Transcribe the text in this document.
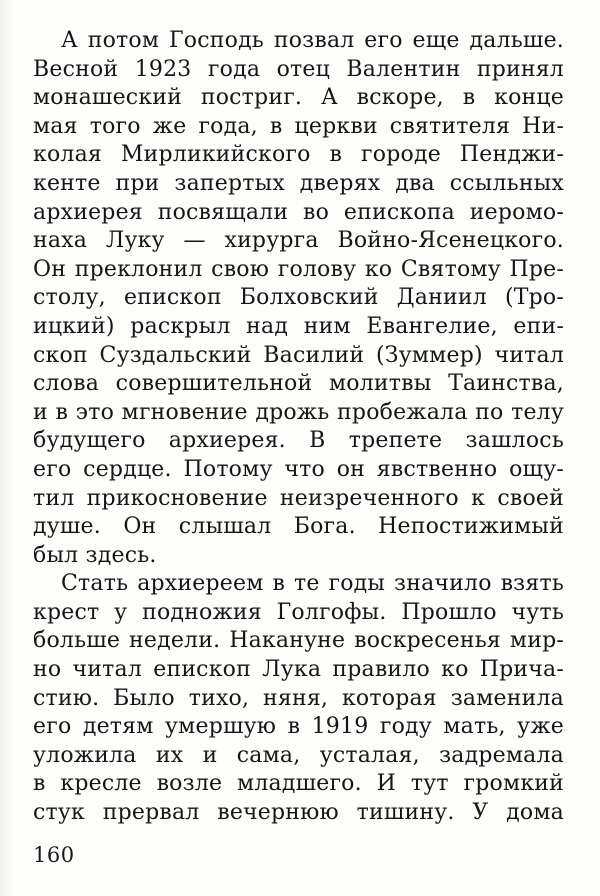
А потом Господь позвал его еще дальше.
Весной 1923 года отец Валентин принял
монашеский постриг. А вскоре, в конце
мая того же года, в церкви святителя Ни-
колая Мирликийского в городе Пенджи-
кенте при запертых дверях два ссыльных
архиерея посвящали во епископа иеромо-
наха Луку — хирурга Войно-Ясенецкого.
Он преклонил свою голову ко Святому Пре-
столу, епископ Болховский Даниил (Тро-
ицкий) раскрыл над ним Евангелие, епи-
скоп Суздальский Василий (Зуммер) читал
слова совершительной молитвы Таинства,
и в это мгновение дрожь пробежала по телу
будущего архиерея. В трепете зашлось
его сердце. Потому что он явственно ощу-
тил прикосновение неизреченного к своей
душе. Он слышал Бога. Непостижимый
был здесь.

Стать архиереем в те годы значило взять
крест у подножия Голгофы. Прошло чуть
больше недели. Накануне воскресенья мир-
но читал епископ Лука правило ко Прича-
стию. Было тихо, няня, которая заменила
его детям умершую в 1919 году мать, уже
уложила их и сама, усталая, задремала
в кресле возле младшего. И тут громкий
стук прервал вечернюю тишину. У дома

160
